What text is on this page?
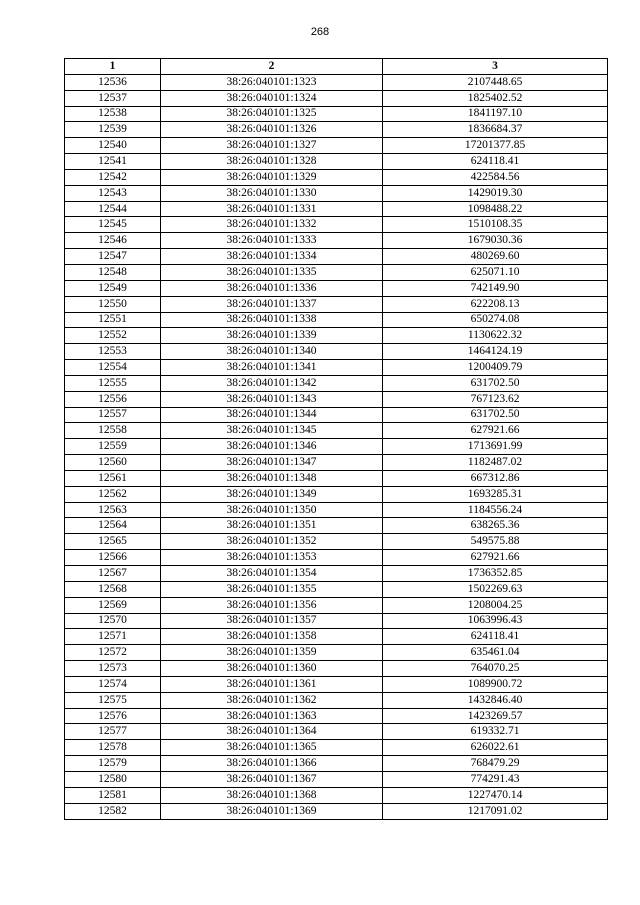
268
1	2	3
12536	38:26:040101:1323	2107448.65
12537	38:26:040101:1324	1825402.52
12538	38:26:040101:1325	1841197.10
12539	38:26:040101:1326	1836684.37
12540	38:26:040101:1327	17201377.85
12541	38:26:040101:1328	624118.41
12542	38:26:040101:1329	422584.56
12543	38:26:040101:1330	1429019.30
12544	38:26:040101:1331	1098488.22
12545	38:26:040101:1332	1510108.35
12546	38:26:040101:1333	1679030.36
12547	38:26:040101:1334	480269.60
12548	38:26:040101:1335	625071.10
12549	38:26:040101:1336	742149.90
12550	38:26:040101:1337	622208.13
12551	38:26:040101:1338	650274.08
12552	38:26:040101:1339	1130622.32
12553	38:26:040101:1340	1464124.19
12554	38:26:040101:1341	1200409.79
12555	38:26:040101:1342	631702.50
12556	38:26:040101:1343	767123.62
12557	38:26:040101:1344	631702.50
12558	38:26:040101:1345	627921.66
12559	38:26:040101:1346	1713691.99
12560	38:26:040101:1347	1182487.02
12561	38:26:040101:1348	667312.86
12562	38:26:040101:1349	1693285.31
12563	38:26:040101:1350	1184556.24
12564	38:26:040101:1351	638265.36
12565	38:26:040101:1352	549575.88
12566	38:26:040101:1353	627921.66
12567	38:26:040101:1354	1736352.85
12568	38:26:040101:1355	1502269.63
12569	38:26:040101:1356	1208004.25
12570	38:26:040101:1357	1063996.43
12571	38:26:040101:1358	624118.41
12572	38:26:040101:1359	635461.04
12573	38:26:040101:1360	764070.25
12574	38:26:040101:1361	1089900.72
12575	38:26:040101:1362	1432846.40
12576	38:26:040101:1363	1423269.57
12577	38:26:040101:1364	619332.71
12578	38:26:040101:1365	626022.61
12579	38:26:040101:1366	768479.29
12580	38:26:040101:1367	774291.43
12581	38:26:040101:1368	1227470.14
12582	38:26:040101:1369	1217091.02
